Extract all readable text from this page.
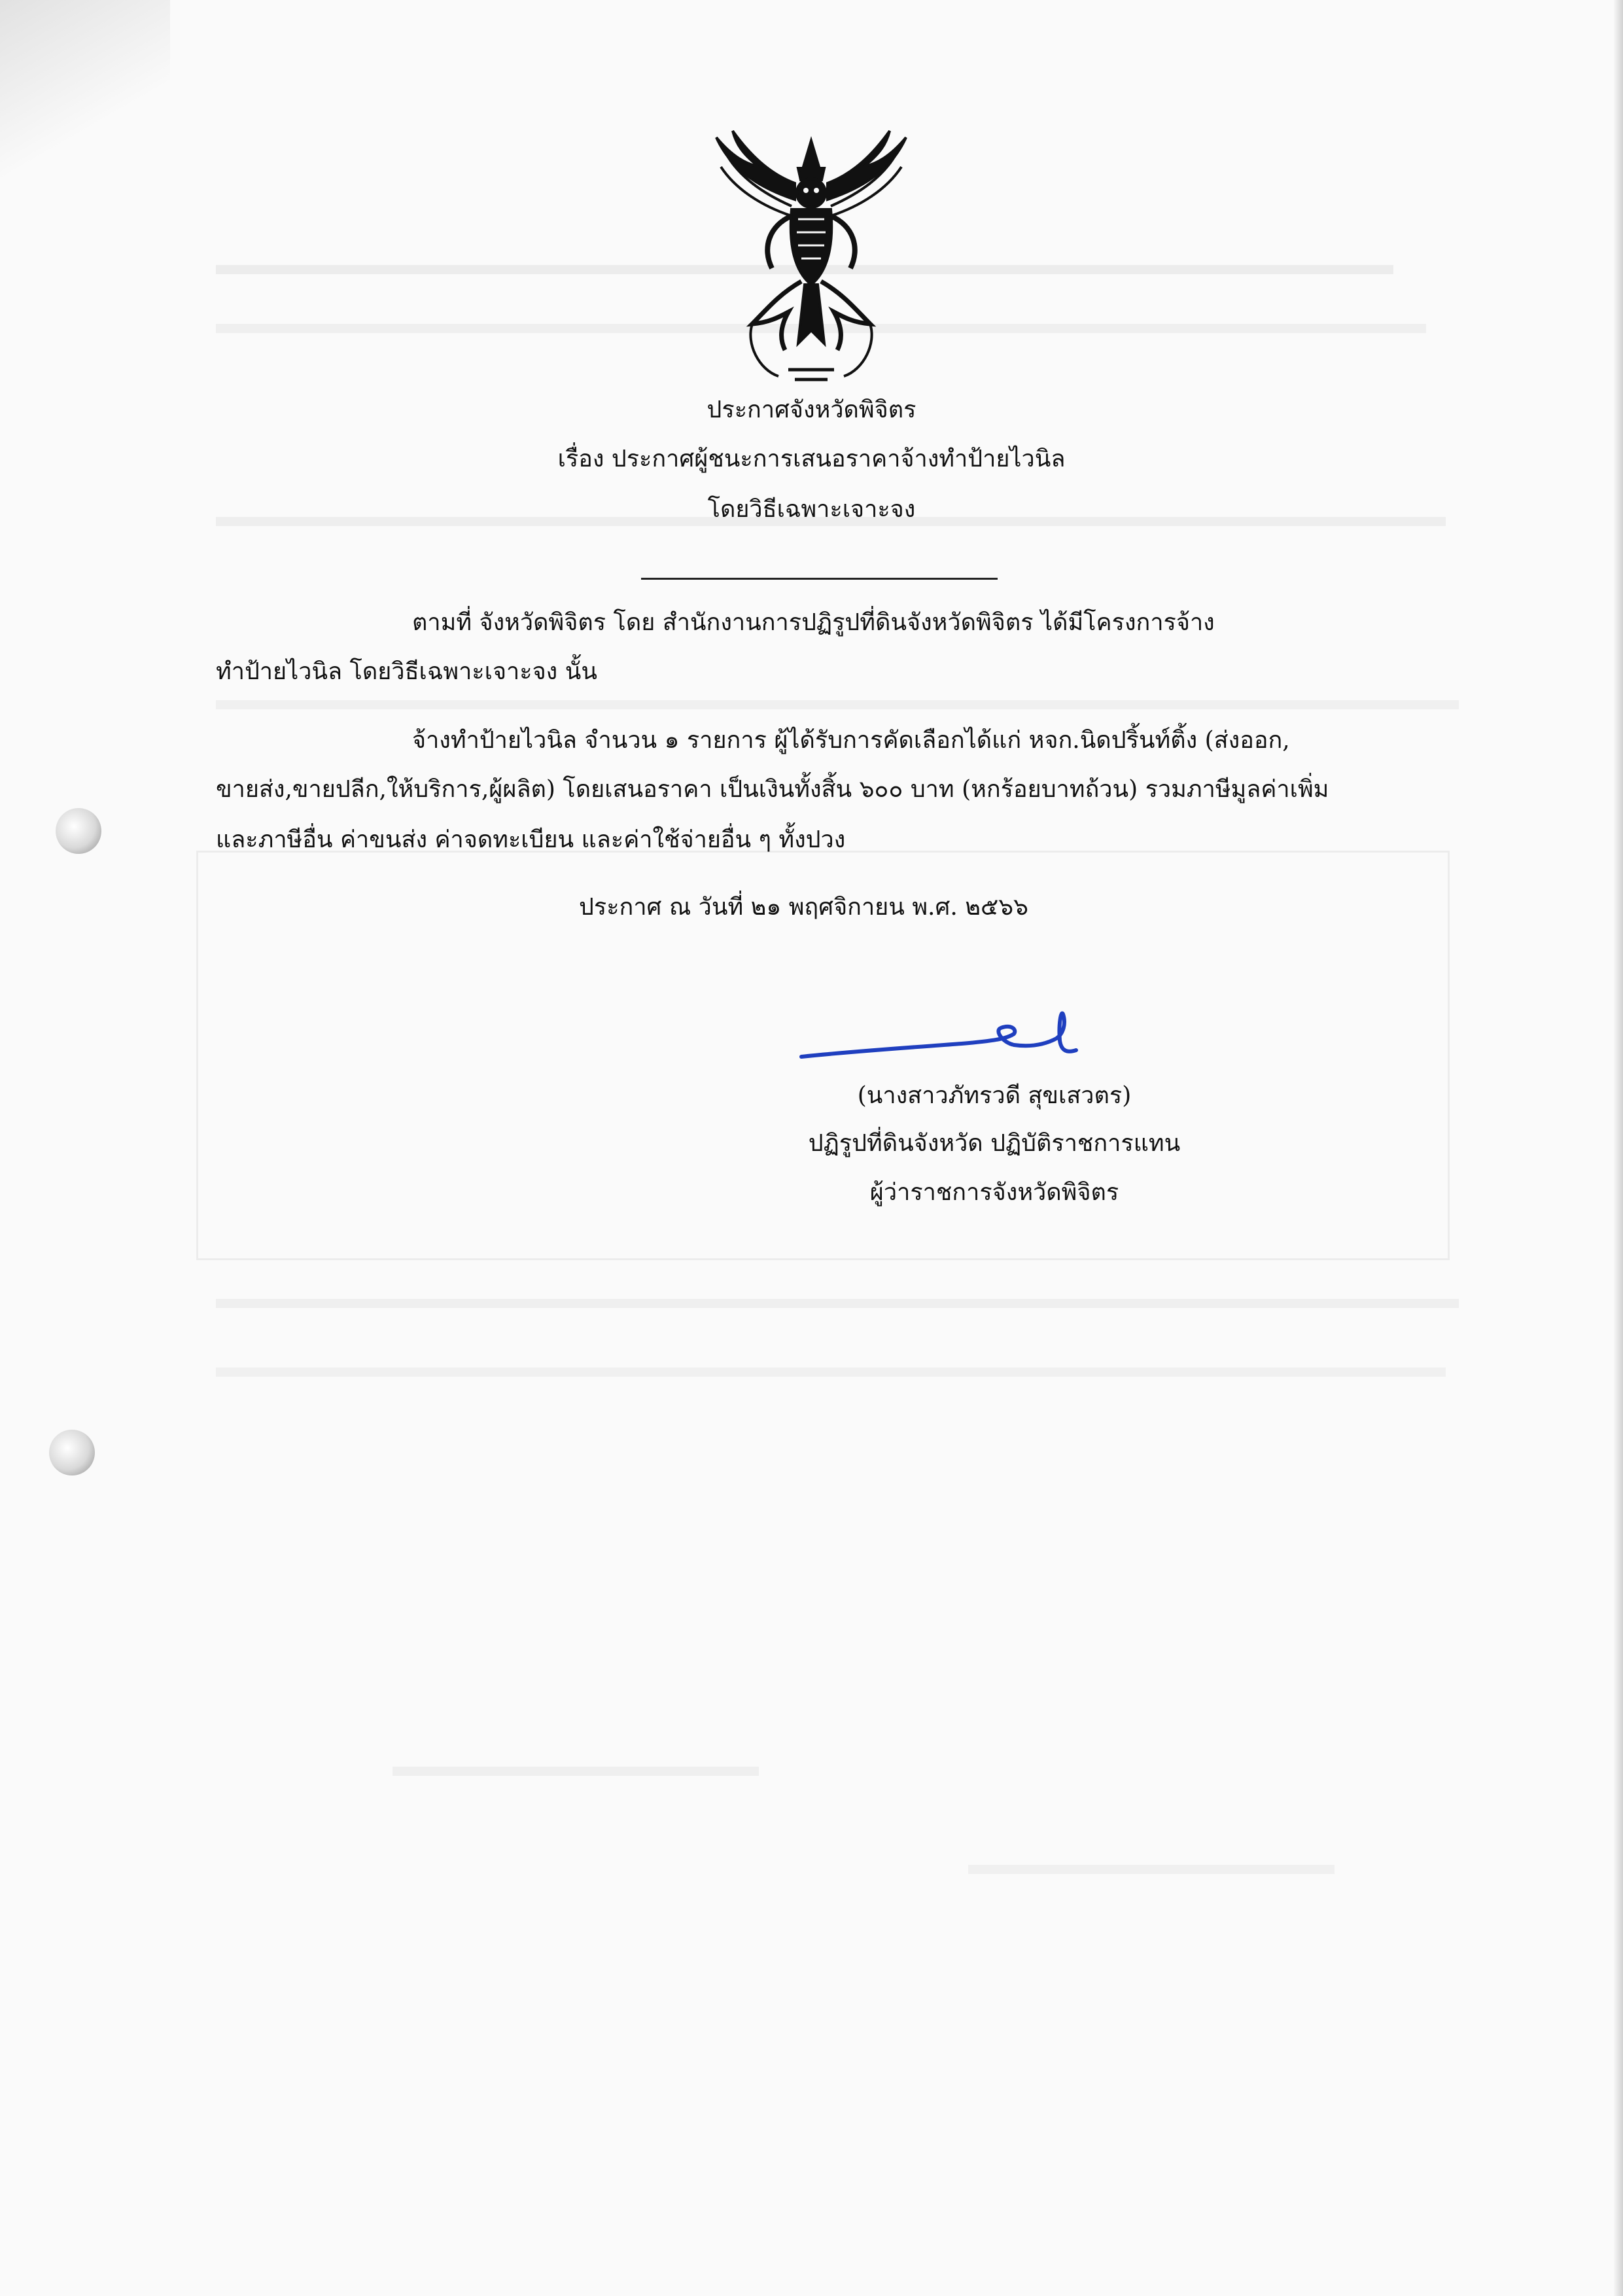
ประกาศจังหวัดพิจิตร
เรื่อง ประกาศผู้ชนะการเสนอราคาจ้างทำป้ายไวนิล
โดยวิธีเฉพาะเจาะจง
ตามที่ จังหวัดพิจิตร โดย สำนักงานการปฏิรูปที่ดินจังหวัดพิจิตร ได้มีโครงการจ้าง
ทำป้ายไวนิล โดยวิธีเฉพาะเจาะจง นั้น
จ้างทำป้ายไวนิล จำนวน ๑ รายการ ผู้ได้รับการคัดเลือกได้แก่ หจก.นิดปริ้นท์ติ้ง (ส่งออก,
ขายส่ง,ขายปลีก,ให้บริการ,ผู้ผลิต) โดยเสนอราคา เป็นเงินทั้งสิ้น ๖๐๐ บาท (หกร้อยบาทถ้วน) รวมภาษีมูลค่าเพิ่ม
และภาษีอื่น ค่าขนส่ง ค่าจดทะเบียน และค่าใช้จ่ายอื่น ๆ ทั้งปวง
ประกาศ ณ วันที่ ๒๑ พฤศจิกายน พ.ศ. ๒๕๖๖
(นางสาวภัทรวดี สุขเสวตร)
ปฏิรูปที่ดินจังหวัด ปฏิบัติราชการแทน
ผู้ว่าราชการจังหวัดพิจิตร
